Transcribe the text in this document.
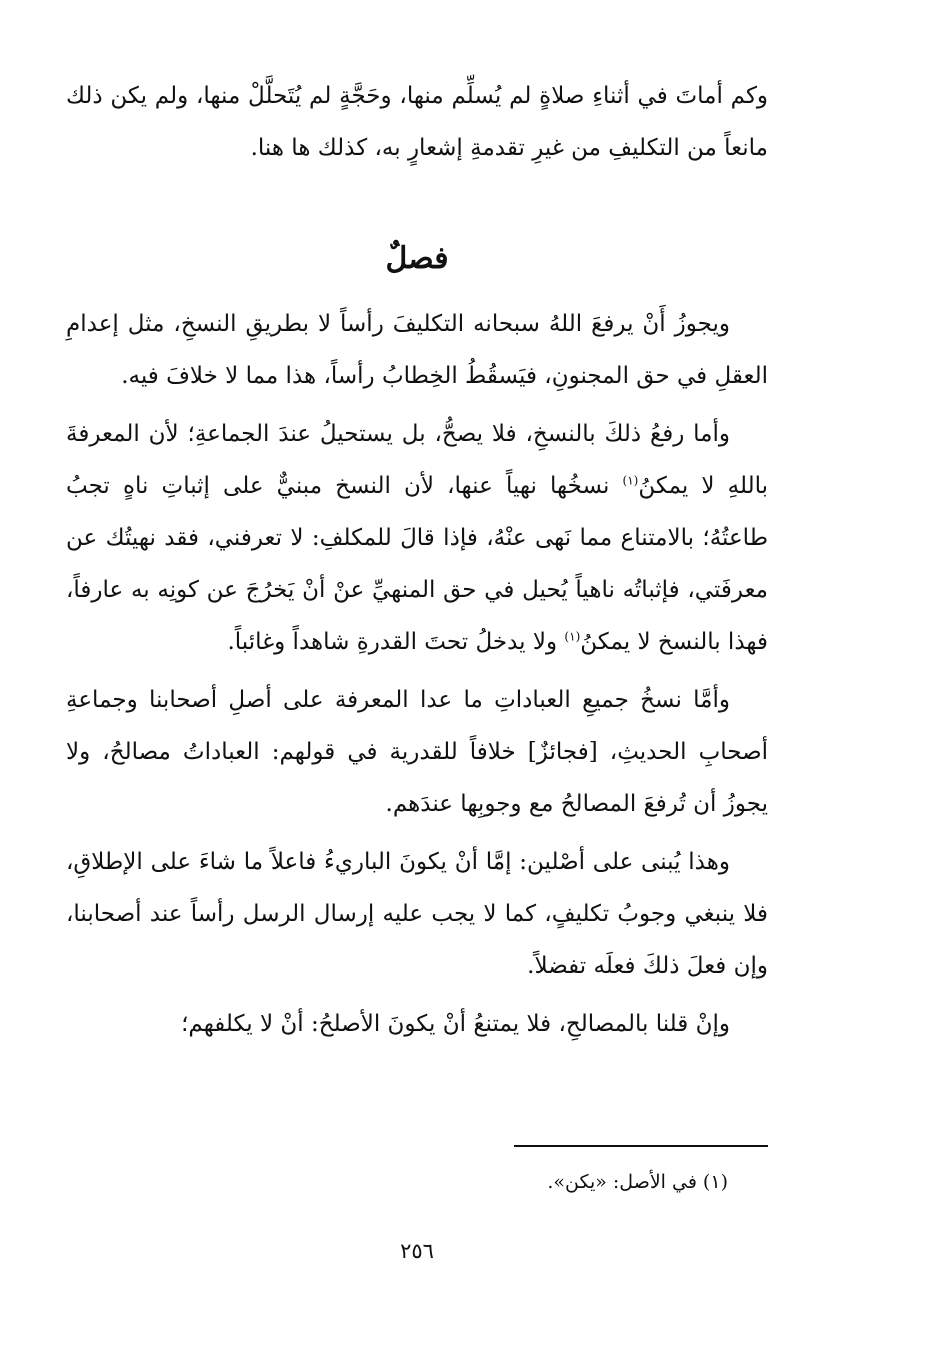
وكم أماتَ في أثناءِ صلاةٍ لم يُسلِّم منها، وحَجَّةٍ لم يُتَحلَّلْ منها، ولم يكن ذلك مانعاً من التكليفِ من غيرِ تقدمةِ إشعارٍ به، كذلك ها هنا.

فصلٌ

ويجوزُ أَنْ يرفعَ اللهُ سبحانه التكليفَ رأساً لا بطريقِ النسخِ، مثل إعدامِ العقلِ في حق المجنونِ، فيَسقُطُ الخِطابُ رأساً، هذا مما لا خلافَ فيه.

وأما رفعُ ذلكَ بالنسخِ، فلا يصحُّ، بل يستحيلُ عندَ الجماعةِ؛ لأن المعرفةَ باللهِ لا يمكنُ$^{(١)}$ نسخُها نهياً عنها، لأن النسخ مبنيٌّ على إثباتِ ناهٍ تجبُ طاعتُهُ؛ بالامتناع مما نَهى عنْهُ، فإذا قالَ للمكلفِ: لا تعرفني، فقد نهيتُك عن معرفَتي، فإثباتُه ناهياً يُحيل في حق المنهيِّ عنْ أنْ يَخرُجَ عن كونِه به عارفاً، فهذا بالنسخ لا يمكنُ$^{(١)}$ ولا يدخلُ تحتَ القدرةِ شاهداً وغائباً.

وأمَّا نسخُ جميعِ العباداتِ ما عدا المعرفة على أصلِ أصحابنا وجماعةِ أصحابِ الحديثِ، [فجائزٌ] خلافاً للقدرية في قولهم: العباداتُ مصالحُ، ولا يجوزُ أن تُرفعَ المصالحُ مع وجوبِها عندَهم.

وهذا يُبنى على أصْلين: إمَّا أنْ يكونَ الباريءُ فاعلاً ما شاءَ على الإطلاقِ، فلا ينبغي وجوبُ تكليفٍ، كما لا يجب عليه إرسال الرسل رأساً عند أصحابنا، وإن فعلَ ذلكَ فعلَه تفضلاً.

وإنْ قلنا بالمصالحِ، فلا يمتنعُ أنْ يكونَ الأصلحُ: أنْ لا يكلفهم؛

(١) في الأصل: «يكن».
٢٥٦
